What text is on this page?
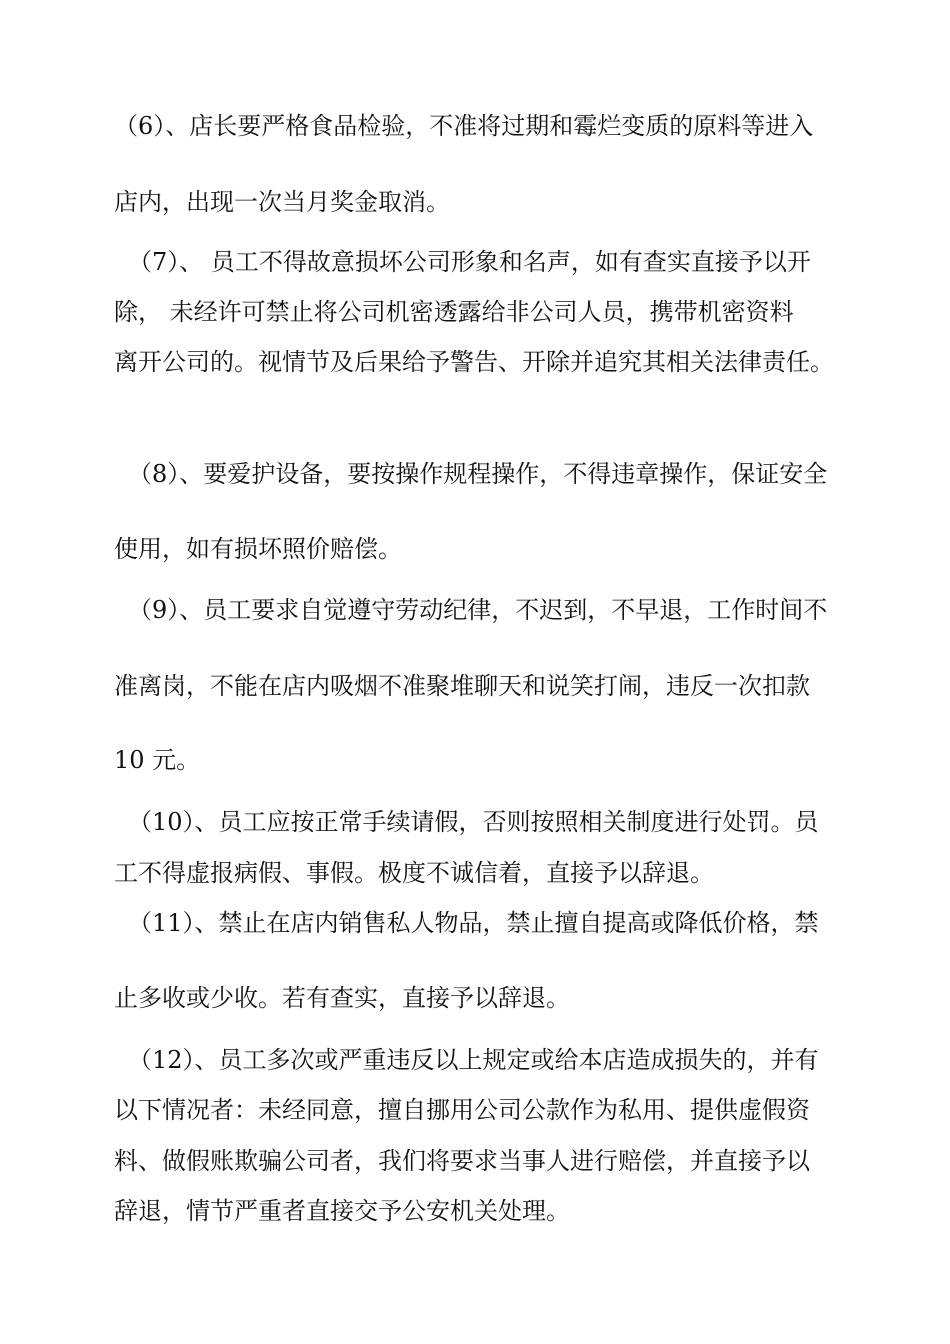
（6）、店长要严格食品检验，不准将过期和霉烂变质的原料等进入
店内，出现一次当月奖金取消。
（7）、 员工不得故意损坏公司形象和名声，如有查实直接予以开
除， 未经许可禁止将公司机密透露给非公司人员，携带机密资料
离开公司的。视情节及后果给予警告、开除并追究其相关法律责任。
（8）、要爱护设备，要按操作规程操作，不得违章操作，保证安全
使用，如有损坏照价赔偿。
（9）、员工要求自觉遵守劳动纪律，不迟到，不早退，工作时间不
准离岗，不能在店内吸烟不准聚堆聊天和说笑打闹，违反一次扣款
10 元。
（10）、员工应按正常手续请假，否则按照相关制度进行处罚。员
工不得虚报病假、事假。极度不诚信着，直接予以辞退。
（11）、禁止在店内销售私人物品，禁止擅自提高或降低价格，禁
止多收或少收。若有查实，直接予以辞退。
（12）、员工多次或严重违反以上规定或给本店造成损失的，并有
以下情况者：未经同意，擅自挪用公司公款作为私用、提供虚假资
料、做假账欺骗公司者，我们将要求当事人进行赔偿，并直接予以
辞退，情节严重者直接交予公安机关处理。
